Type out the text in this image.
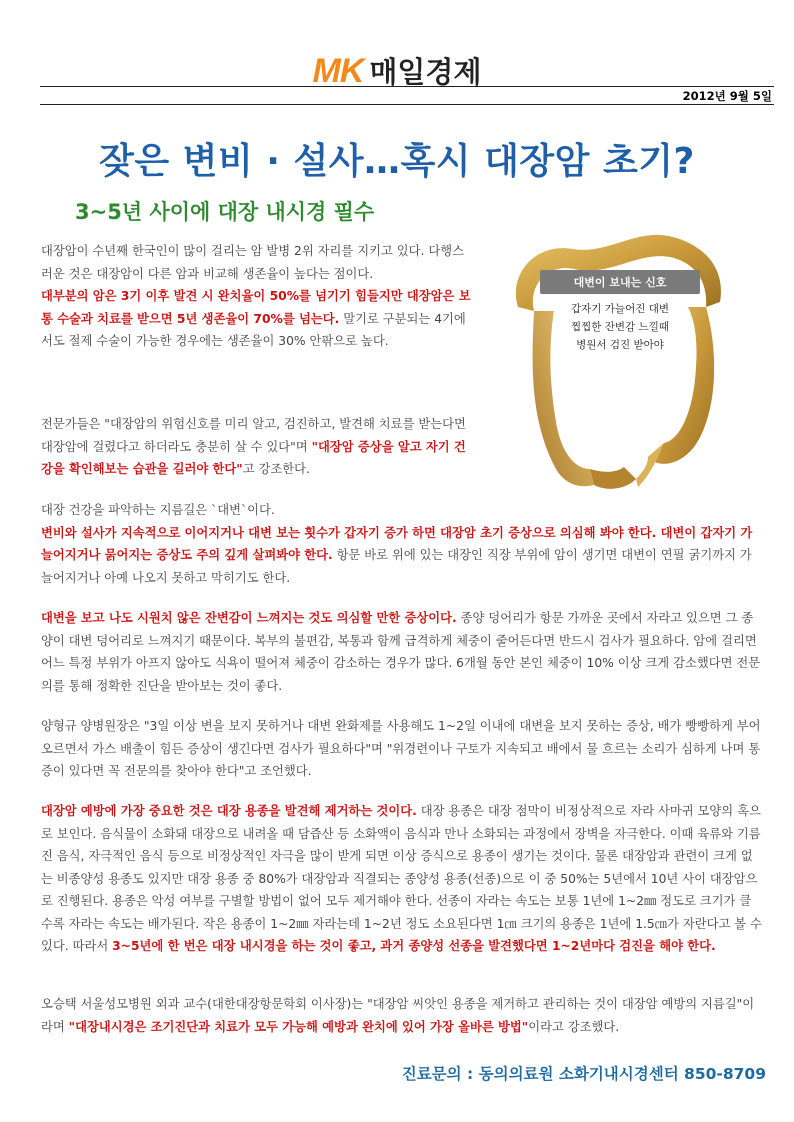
MK 매일경제
2012년 9월 5일
잦은 변비 · 설사…혹시 대장암 초기?
3~5년 사이에 대장 내시경 필수
대변이 보내는 신호
갑자기 가늘어진 대변
찝찝한 잔변감 느낄때
병원서 검진 받아야
대장암이 수년째 한국인이 많이 걸리는 암 발병 2위 자리를 지키고 있다. 다행스러운 것은 대장암이 다른 암과 비교해 생존율이 높다는 점이다.
대부분의 암은 3기 이후 발견 시 완치율이 50%를 넘기기 힘들지만 대장암은 보통 수술과 치료를 받으면 5년 생존율이 70%를 넘는다. 말기로 구분되는 4기에서도 절제 수술이 가능한 경우에는 생존율이 30% 안팎으로 높다.
전문가들은 "대장암의 위험신호를 미리 알고, 검진하고, 발견해 치료를 받는다면 대장암에 걸렸다고 하더라도 충분히 살 수 있다"며 "대장암 증상을 알고 자기 건강을 확인해보는 습관을 길러야 한다"고 강조한다.
대장 건강을 파악하는 지름길은 `대변`이다.
변비와 설사가 지속적으로 이어지거나 대변 보는 횟수가 갑자기 증가 하면 대장암 초기 증상으로 의심해 봐야 한다. 대변이 갑자기 가늘어지거나 묽어지는 증상도 주의 깊게 살펴봐야 한다. 항문 바로 위에 있는 대장인 직장 부위에 암이 생기면 대변이 연필 굵기까지 가늘어지거나 아예 나오지 못하고 막히기도 한다.
대변을 보고 나도 시원치 않은 잔변감이 느껴지는 것도 의심할 만한 증상이다. 종양 덩어리가 항문 가까운 곳에서 자라고 있으면 그 종양이 대변 덩어리로 느껴지기 때문이다. 복부의 불편감, 복통과 함께 급격하게 체중이 줄어든다면 반드시 검사가 필요하다. 암에 걸리면 어느 특정 부위가 아프지 않아도 식욕이 떨어져 체중이 감소하는 경우가 많다. 6개월 동안 본인 체중이 10% 이상 크게 감소했다면 전문의를 통해 정확한 진단을 받아보는 것이 좋다.
양형규 양병원장은 "3일 이상 변을 보지 못하거나 대변 완화제를 사용해도 1~2일 이내에 대변을 보지 못하는 증상, 배가 빵빵하게 부어오르면서 가스 배출이 힘든 증상이 생긴다면 검사가 필요하다"며 "위경련이나 구토가 지속되고 배에서 물 흐르는 소리가 심하게 나며 통증이 있다면 꼭 전문의를 찾아야 한다"고 조언했다.
대장암 예방에 가장 중요한 것은 대장 용종을 발견해 제거하는 것이다. 대장 용종은 대장 점막이 비정상적으로 자라 사마귀 모양의 혹으로 보인다. 음식물이 소화돼 대장으로 내려올 때 담즙산 등 소화액이 음식과 만나 소화되는 과정에서 장벽을 자극한다. 이때 육류와 기름진 음식, 자극적인 음식 등으로 비정상적인 자극을 많이 받게 되면 이상 증식으로 용종이 생기는 것이다. 물론 대장암과 관련이 크게 없는 비종양성 용종도 있지만 대장 용종 중 80%가 대장암과 직결되는 종양성 용종(선종)으로 이 중 50%는 5년에서 10년 사이 대장암으로 진행된다. 용종은 악성 여부를 구별할 방법이 없어 모두 제거해야 한다. 선종이 자라는 속도는 보통 1년에 1~2㎜ 정도로 크기가 클수록 자라는 속도는 배가된다. 작은 용종이 1~2㎜ 자라는데 1~2년 정도 소요된다면 1㎝ 크기의 용종은 1년에 1.5㎝가 자란다고 볼 수 있다. 따라서 3~5년에 한 번은 대장 내시경을 하는 것이 좋고, 과거 종양성 선종을 발견했다면 1~2년마다 검진을 해야 한다.
오승택 서울성모병원 외과 교수(대한대장항문학회 이사장)는 "대장암 씨앗인 용종을 제거하고 관리하는 것이 대장암 예방의 지름길"이라며 "대장내시경은 조기진단과 치료가 모두 가능해 예방과 완치에 있어 가장 올바른 방법"이라고 강조했다.
진료문의 : 동의의료원 소화기내시경센터 850-8709
